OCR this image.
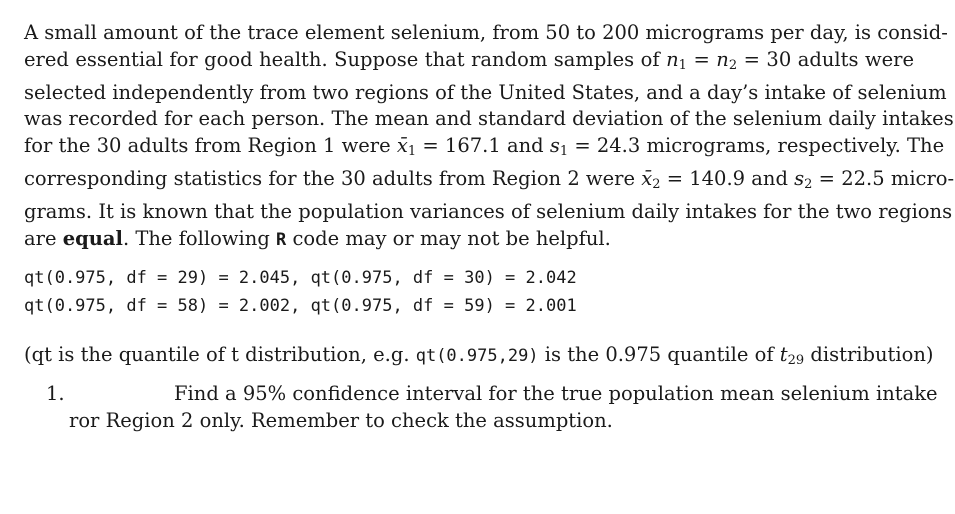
A small amount of the trace element selenium, from 50 to 200 micrograms per day, is consid-
ered essential for good health. Suppose that random samples of $n_1 = n_2 = 30$ adults were
selected independently from two regions of the United States, and a day’s intake of selenium
was recorded for each person. The mean and standard deviation of the selenium daily intakes
for the 30 adults from Region 1 were $x̄_1 = 167.1$ and $s_1 = 24.3$ micrograms, respectively. The
corresponding statistics for the 30 adults from Region 2 were $x̄_2 = 140.9$ and $s_2 = 22.5$ micro-
grams. It is known that the population variances of selenium daily intakes for the two regions
are equal. The following R code may or may not be helpful.
qt(0.975, df = 29) = 2.045, qt(0.975, df = 30) = 2.042
qt(0.975, df = 58) = 2.002, qt(0.975, df = 59) = 2.001
(qt is the quantile of t distribution, e.g. qt(0.975,29) is the 0.975 quantile of $t_{29}$ distribution)
1.	Find a 95% confidence interval for the true population mean selenium intake
ror Region 2 only. Remember to check the assumption.
